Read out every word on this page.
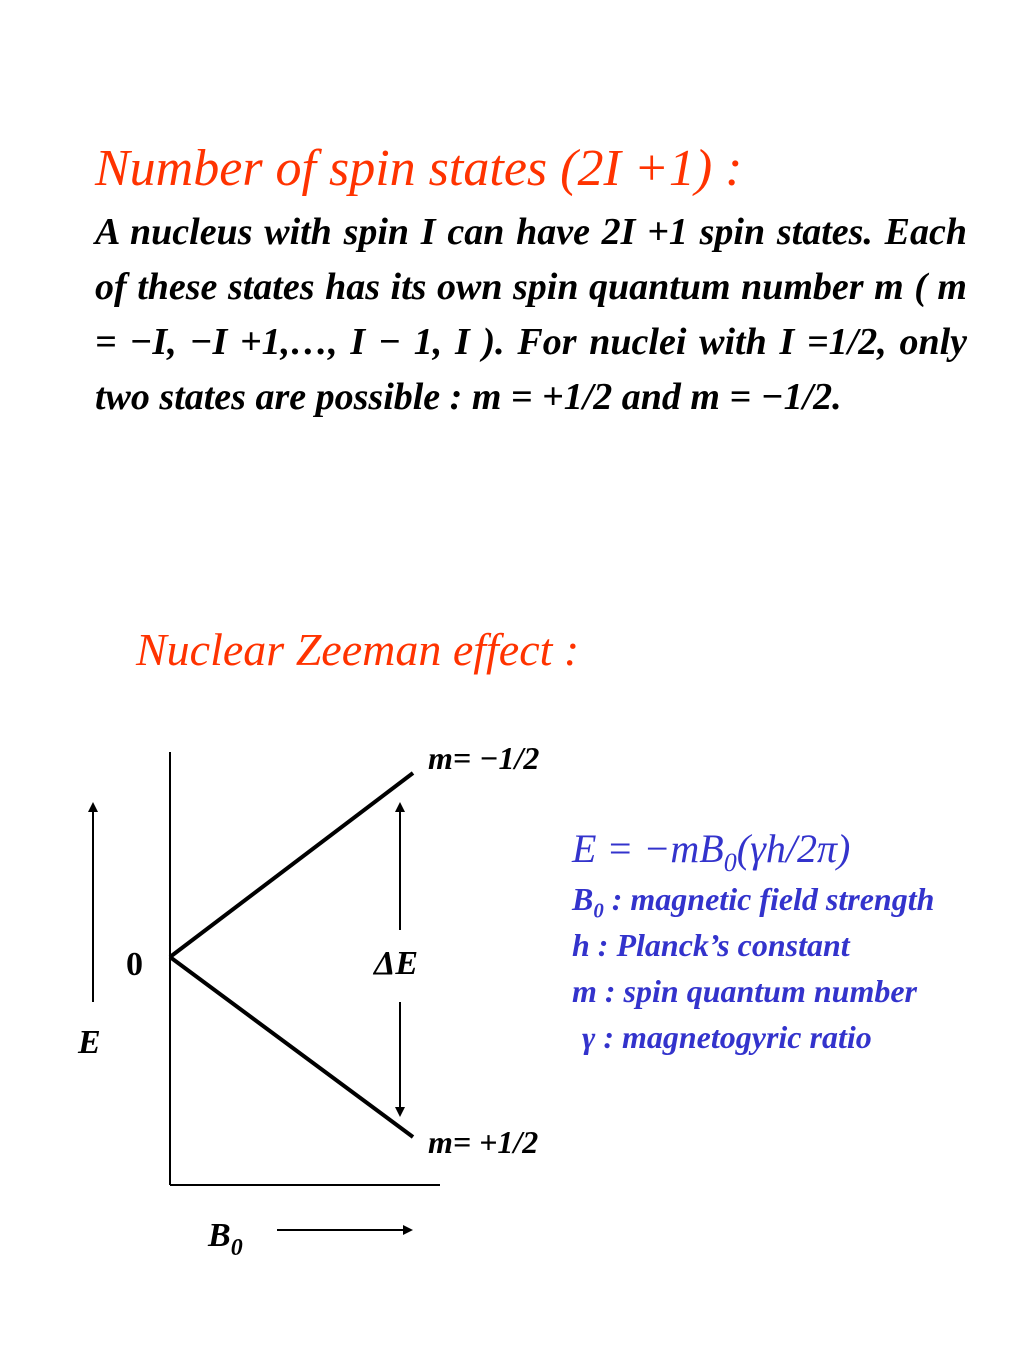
Number of spin states (2I +1) :

A nucleus with spin I can have 2I +1 spin states. Each of these states has its own spin quantum number m ( m = −I, −I +1,…, I − 1, I ). For nuclei with I =1/2, only two states are possible : m = +1/2 and m = −1/2.

Nuclear Zeeman effect :
m= −1/2
m= +1/2
0	ΔE
E
$B_0$
$E = -mB_0(\gamma h/2\pi)$
$B_0$ : magnetic field strength
h : Planck’s constant
m : spin quantum number
γ : magnetogyric ratio
